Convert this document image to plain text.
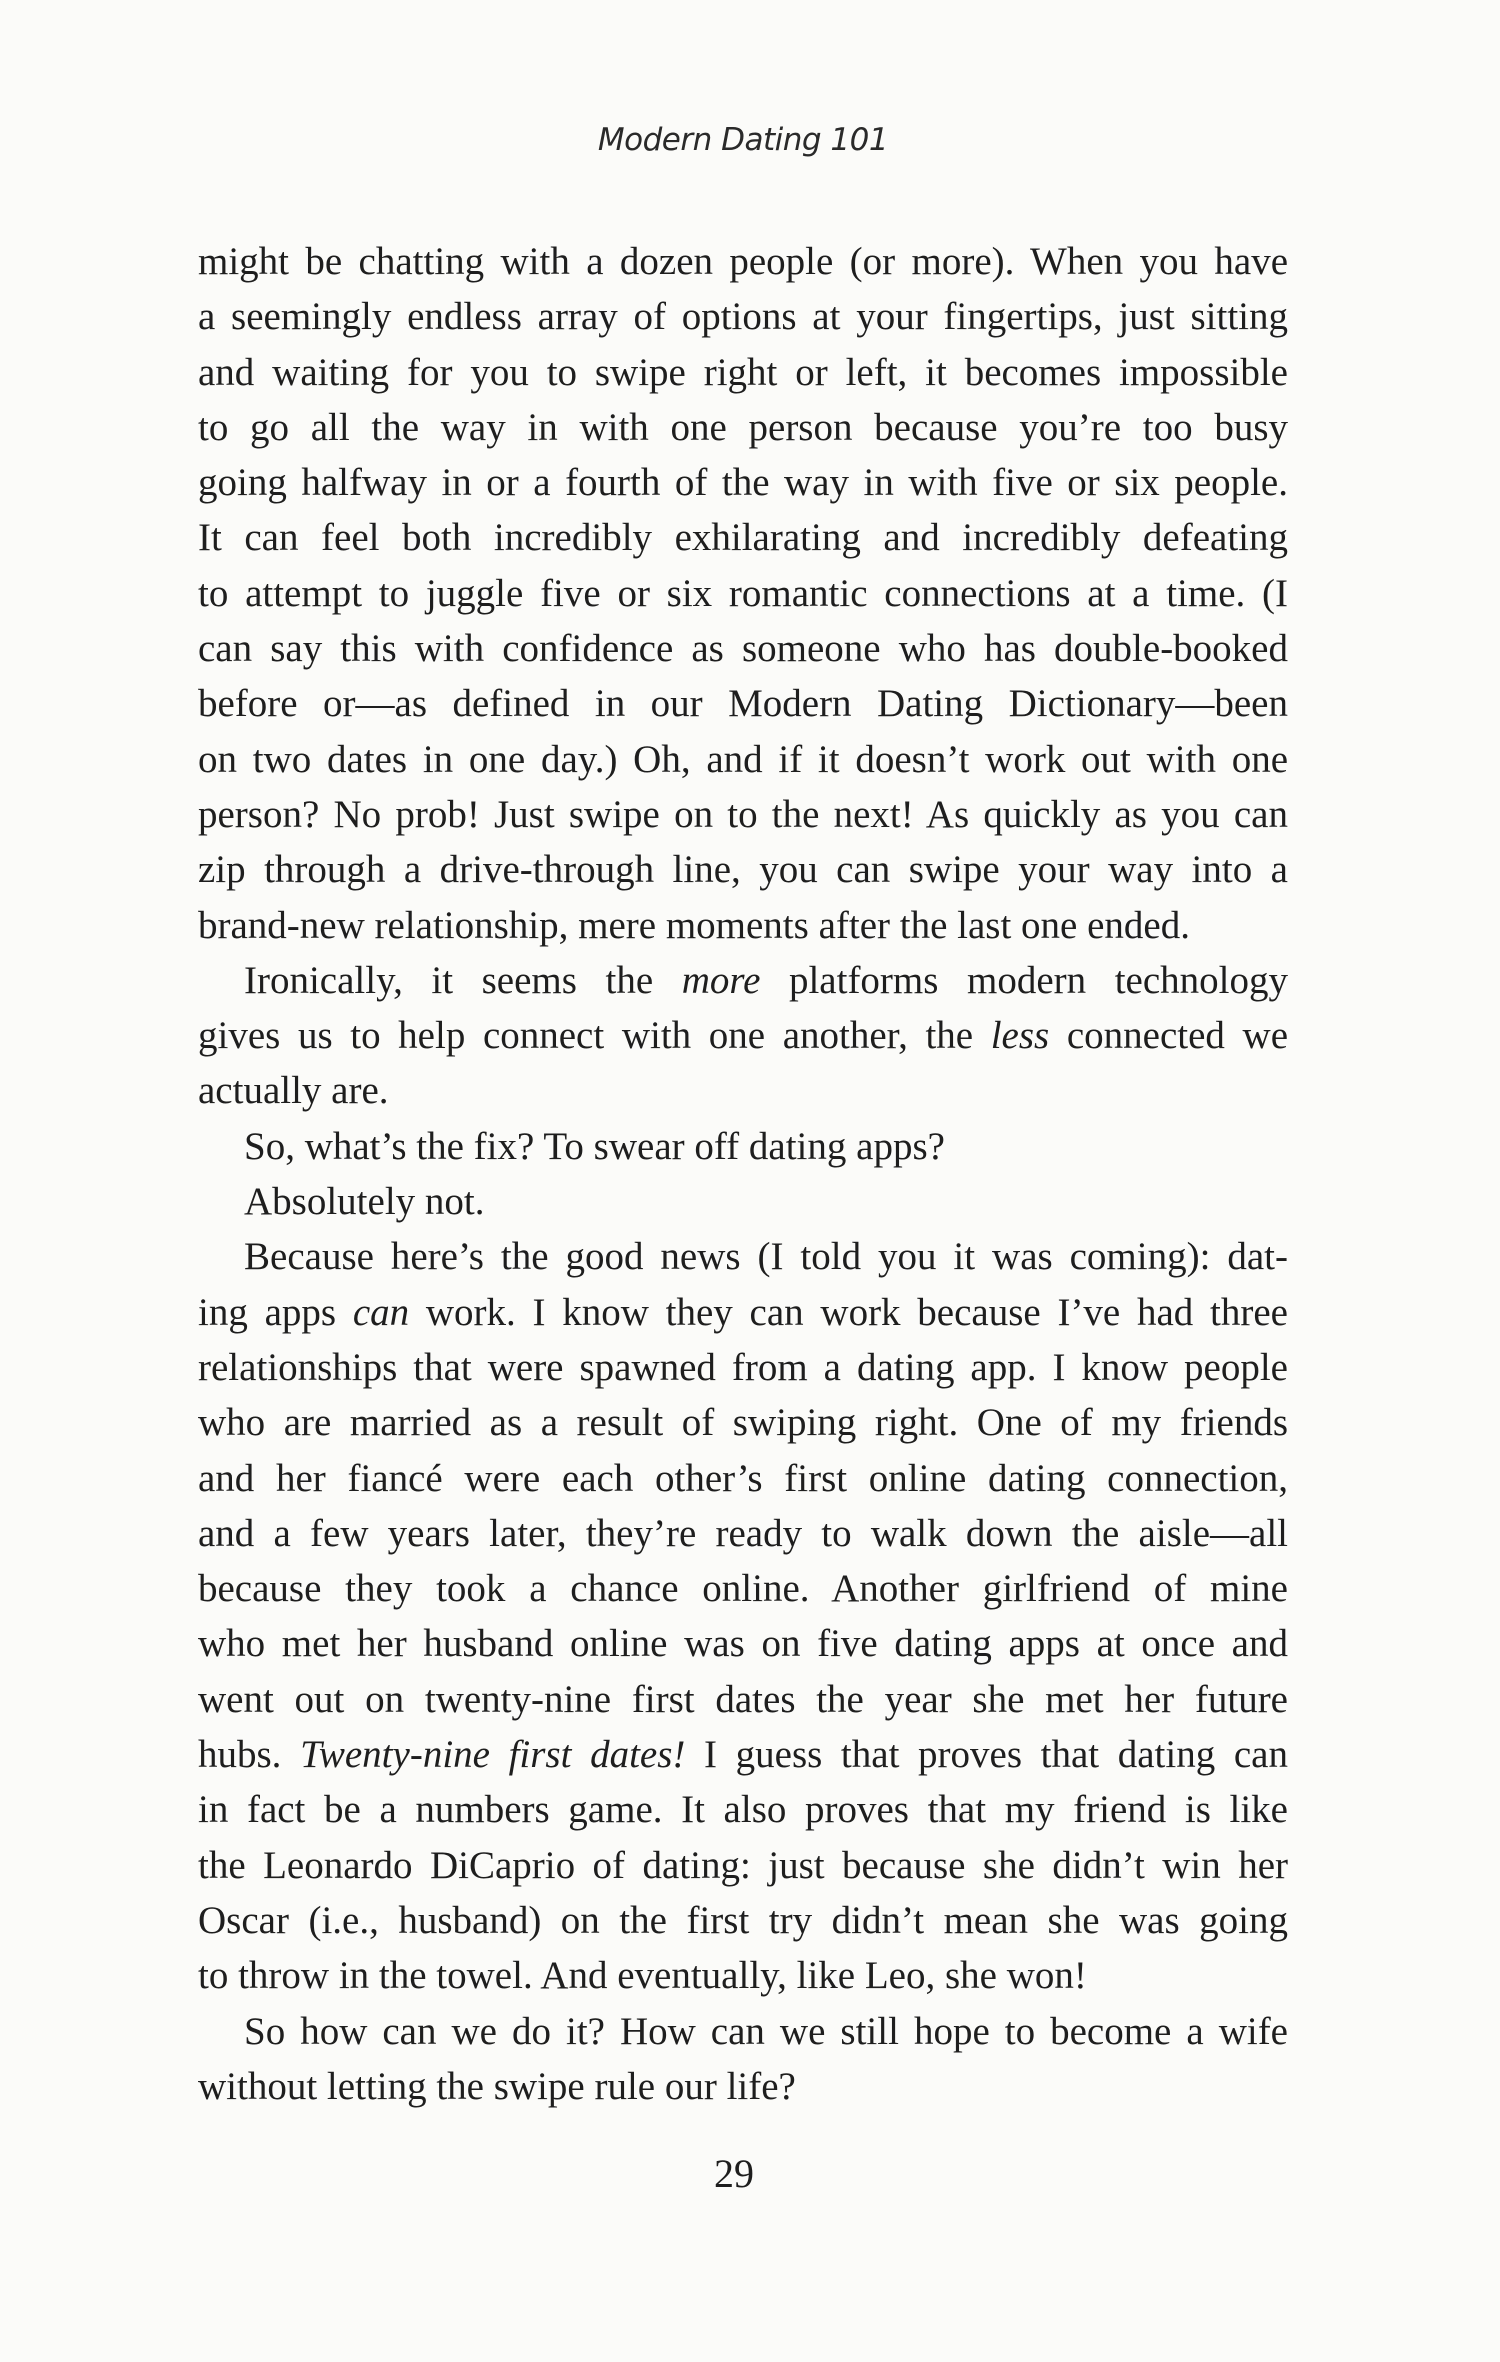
Modern Dating 101
might be chatting with a dozen people (or more). When you have
a seemingly endless array of options at your fingertips, just sitting
and waiting for you to swipe right or left, it becomes impossible
to go all the way in with one person because you’re too busy
going halfway in or a fourth of the way in with five or six people.
It can feel both incredibly exhilarating and incredibly defeating
to attempt to juggle five or six romantic connections at a time. (I
can say this with confidence as someone who has double-booked
before or—as defined in our Modern Dating Dictionary—been
on two dates in one day.) Oh, and if it doesn’t work out with one
person? No prob! Just swipe on to the next! As quickly as you can
zip through a drive-through line, you can swipe your way into a
brand-new relationship, mere moments after the last one ended.
Ironically, it seems the more platforms modern technology
gives us to help connect with one another, the less connected we
actually are.
So, what’s the fix? To swear off dating apps?
Absolutely not.
Because here’s the good news (I told you it was coming): dat-
ing apps can work. I know they can work because I’ve had three
relationships that were spawned from a dating app. I know people
who are married as a result of swiping right. One of my friends
and her fiancé were each other’s first online dating connection,
and a few years later, they’re ready to walk down the aisle—all
because they took a chance online. Another girlfriend of mine
who met her husband online was on five dating apps at once and
went out on twenty-nine first dates the year she met her future
hubs. Twenty-nine first dates! I guess that proves that dating can
in fact be a numbers game. It also proves that my friend is like
the Leonardo DiCaprio of dating: just because she didn’t win her
Oscar (i.e., husband) on the first try didn’t mean she was going
to throw in the towel. And eventually, like Leo, she won!
So how can we do it? How can we still hope to become a wife
without letting the swipe rule our life?
29
